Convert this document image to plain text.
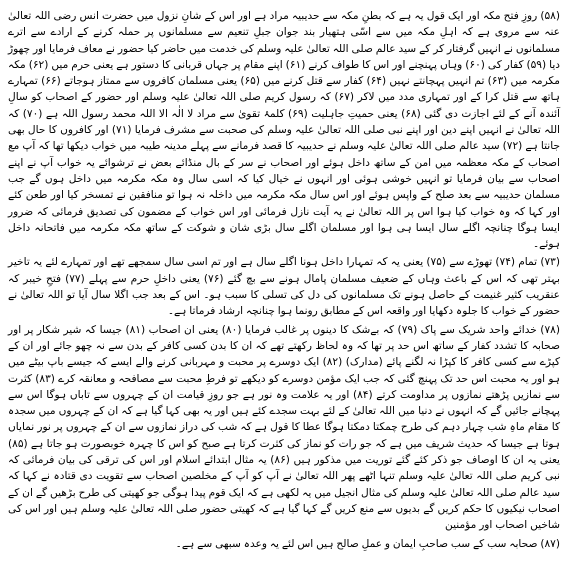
(۵۸) روزِ فتح مکہ اور ایک قول یہ ہے کہ بطنِ مکہ سے حدیبیہ مراد ہے اور اس کے شانِ نزول میں حضرت انس رضی اللہ تعالیٰ عنہ سے مروی ہے کہ اہلِ مکہ میں سے اسّی ہتھیار بند جوان جبلِ تنعیم سے مسلمانوں پر حملہ کرنے کے ارادے سے اترے مسلمانوں نے انہیں گرفتار کر کے سید عالم صلی اللہ تعالیٰ علیہ وسلم کی خدمت میں حاضر کیا حضور نے معاف فرمایا اور چھوڑ دیا (۵۹) کفار کی (۶۰) وہاں پہنچنے اور اس کا طواف کرنے (۶۱) اپنے مقام پر جہاں قربانی کا دستور ہے یعنی حرم میں (۶۲) مکہ مکرمہ میں (۶۳) تم انہیں پہچانتے نہیں (۶۴) کفار سے قتل کرنے میں (۶۵) یعنی مسلمان کافروں سے ممتاز ہوجاتے (۶۶) تمہارے ہاتھ سے قتل کرا کے اور تمہاری مدد میں لاکر (۶۷) کہ رسول کریم صلی اللہ تعالیٰ علیہ وسلم اور حضور کے اصحاب کو سالِ آئندہ آنے کے لئے اجازت دی گئی (۶۸) یعنی حمیتِ جاہلیت (۶۹) کلمۂ تقویٰ سے مراد لا الٰہ الا اللہ محمد رسول اللہ ہے (۷۰) کہ اللہ تعالیٰ نے انہیں اپنے دین اور اپنے نبی صلی اللہ تعالیٰ علیہ وسلم کی صحبت سے مشرف فرمایا (۷۱) اور کافروں کا حال بھی جانتا ہے (۷۲) سید عالم صلی اللہ تعالیٰ علیہ وسلم نے حدیبیہ کا قصد فرمانے سے پہلے مدینہ طیبہ میں خواب دیکھا تھا کہ آپ مع اصحاب کے مکہ معظمہ میں امن کے ساتھ داخل ہوئے اور اصحاب نے سر کے بال منڈائے بعض نے ترشوائے یہ خواب آپ نے اپنے اصحاب سے بیان فرمایا تو انہیں خوشی ہوئی اور انہوں نے خیال کیا کہ اسی سال وہ مکہ مکرمہ میں داخل ہوں گے جب مسلمان حدیبیہ سے بعد صلح کے واپس ہوئے اور اس سال مکہ مکرمہ میں داخلہ نہ ہوا تو منافقین نے تمسخر کیا اور طعن کئے اور کہا کہ وہ خواب کیا ہوا اس پر اللہ تعالیٰ نے یہ آیت نازل فرمائی اور اس خواب کے مضمون کی تصدیق فرمائی کہ ضرور ایسا ہوگا چنانچہ اگلے سال ایسا ہی ہوا اور مسلمان اگلے سال بڑی شان و شوکت کے ساتھ مکہ مکرمہ میں فاتحانہ داخل ہوئے۔

(۷۳) تمام (۷۴) تھوڑے سے (۷۵) یعنی یہ کہ تمہارا داخل ہونا اگلے سال ہے اور تم اسی سال سمجھے تھے اور تمہارے لئے یہ تاخیر بہتر تھی کہ اس کے باعث وہاں کے ضعیف مسلمان پامال ہونے سے بچ گئے (۷۶) یعنی داخلِ حرم سے پہلے (۷۷) فتحِ خیبر کہ عنقریب کثیر غنیمت کے حاصل ہونے تک مسلمانوں کی دل کی تسلی کا سبب ہو۔ اس کے بعد جب اگلا سال آیا تو اللہ تعالیٰ نے حضور کے خواب کا جلوہ دکھایا اور واقعہ اس کے مطابق رونما ہوا چنانچہ ارشاد فرماتا ہے۔

(۷۸) خدائے واحد شریک سے پاک (۷۹) کہ بےشک کا دینوں پر غالب فرمایا (۸۰) یعنی ان اصحاب (۸۱) جیسا کہ شیر شکار پر اور صحابہ کا تشدد کفار کے ساتھ اس حد پر تھا کہ وہ لحاظ رکھتے تھے کہ ان کا بدن کسی کافر کے بدن سے نہ چھو جائے اور ان کے کپڑے سے کسی کافر کا کپڑا نہ لگنے پائے (مدارک) (۸۲) ایک دوسرے پر محبت و مہربانی کرنے والے ایسے کہ جیسے باپ بیٹے میں ہو اور یہ محبت اس حد تک پہنچ گئی کہ جب ایک مؤمن دوسرے کو دیکھے تو فرطِ محبت سے مصافحہ و معانقہ کرے (۸۳) کثرت سے نمازیں پڑھتے نمازوں پر مداومت کرتے (۸۴) اور یہ علامت وہ نور ہے جو روزِ قیامت ان کے چہروں سے تاباں ہوگا اس سے پہچانے جائیں گے کہ انہوں نے دنیا میں اللہ تعالیٰ کے لئے بہت سجدے کئے ہیں اور یہ بھی کہا گیا ہے کہ ان کے چہروں میں سجدہ کا مقام ماہِ شب چہار دہم کی طرح چمکتا دمکتا ہوگا عطا کا قول ہے کہ شب کی دراز نمازوں سے ان کے چہروں پر نور نمایاں ہوتا ہے جیسا کہ حدیث شریف میں ہے کہ جو رات کو نماز کی کثرت کرتا ہے صبح کو اس کا چہرہ خوبصورت ہو جاتا ہے (۸۵) یعنی یہ ان کا اوصاف جو ذکر کئے گئے توریت میں مذکور ہیں (۸۶) یہ مثال ابتدائے اسلام اور اس کی ترقی کی بیان فرمائی کہ نبی کریم صلی اللہ تعالیٰ علیہ وسلم تنہا اٹھے پھر اللہ تعالیٰ نے آپ کو آپ کے مخلصین اصحاب سے تقویت دی قتادہ نے کہا کہ سید عالم صلی اللہ تعالیٰ علیہ وسلم کی مثال انجیل میں یہ لکھی ہے کہ ایک قوم پیدا ہوگی جو کھیتی کی طرح بڑھیں گے ان کے اصحاب نیکیوں کا حکم کریں گے بدیوں سے منع کریں گے کہا گیا ہے کہ کھیتی حضور صلی اللہ تعالیٰ علیہ وسلم ہیں اور اس کی شاخیں اصحاب اور مؤمنین

(۸۷) صحابہ سب کے سب صاحبِ ایمان و عملِ صالح ہیں اس لئے یہ وعدہ سبھی سے ہے۔
